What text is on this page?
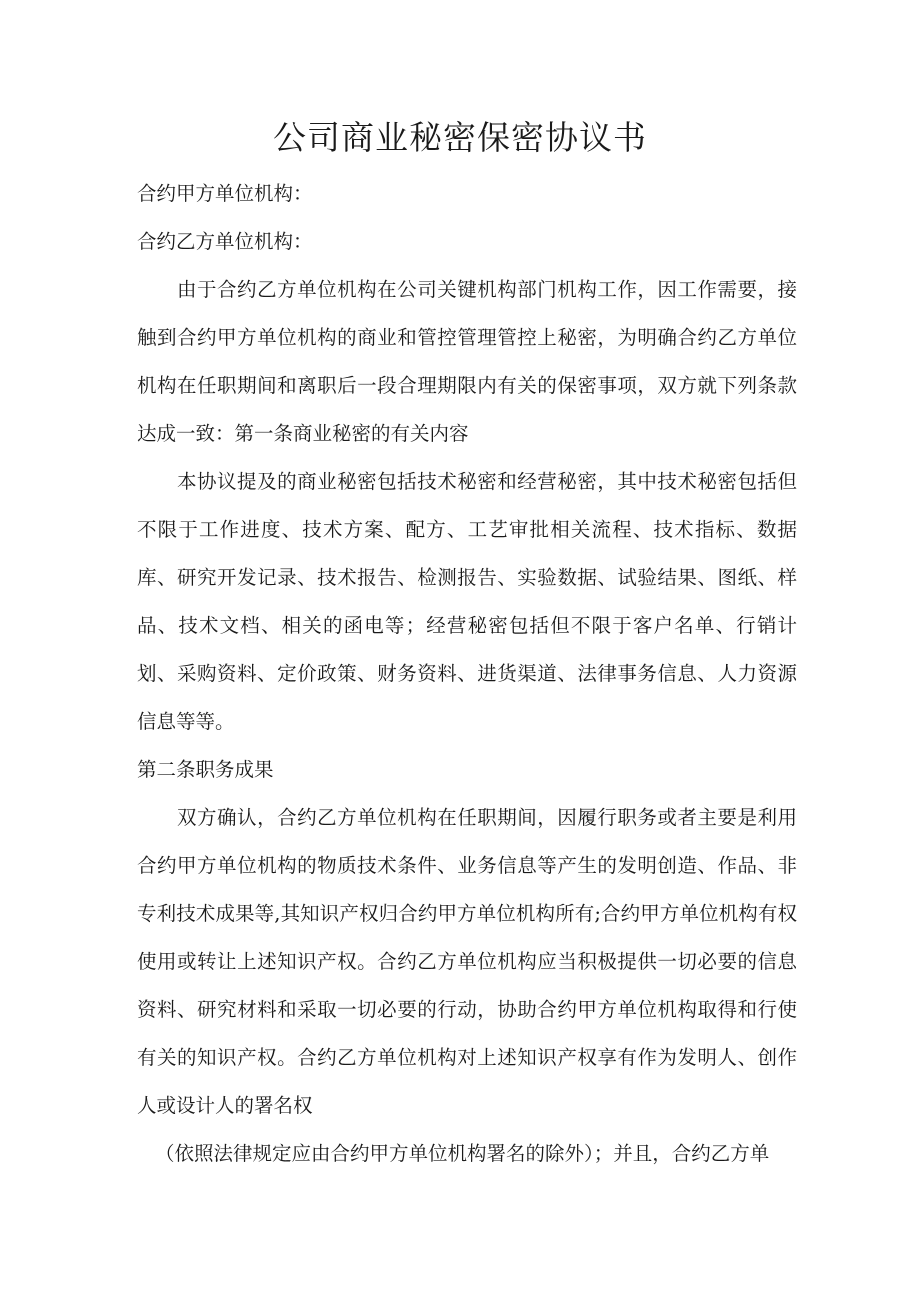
公司商业秘密保密协议书

合约甲方单位机构：

合约乙方单位机构：

由于合约乙方单位机构在公司关键机构部门机构工作，因工作需要，接触到合约甲方单位机构的商业和管控管理管控上秘密，为明确合约乙方单位机构在任职期间和离职后一段合理期限内有关的保密事项，双方就下列条款达成一致：第一条商业秘密的有关内容

本协议提及的商业秘密包括技术秘密和经营秘密，其中技术秘密包括但不限于工作进度、技术方案、配方、工艺审批相关流程、技术指标、数据库、研究开发记录、技术报告、检测报告、实验数据、试验结果、图纸、样品、技术文档、相关的函电等；经营秘密包括但不限于客户名单、行销计划、采购资料、定价政策、财务资料、进货渠道、法律事务信息、人力资源信息等等。

第二条职务成果

双方确认，合约乙方单位机构在任职期间，因履行职务或者主要是利用合约甲方单位机构的物质技术条件、业务信息等产生的发明创造、作品、非专利技术成果等,其知识产权归合约甲方单位机构所有;合约甲方单位机构有权使用或转让上述知识产权。合约乙方单位机构应当积极提供一切必要的信息资料、研究材料和采取一切必要的行动，协助合约甲方单位机构取得和行使有关的知识产权。合约乙方单位机构对上述知识产权享有作为发明人、创作人或设计人的署名权

（依照法律规定应由合约甲方单位机构署名的除外）；并且，合约乙方单
